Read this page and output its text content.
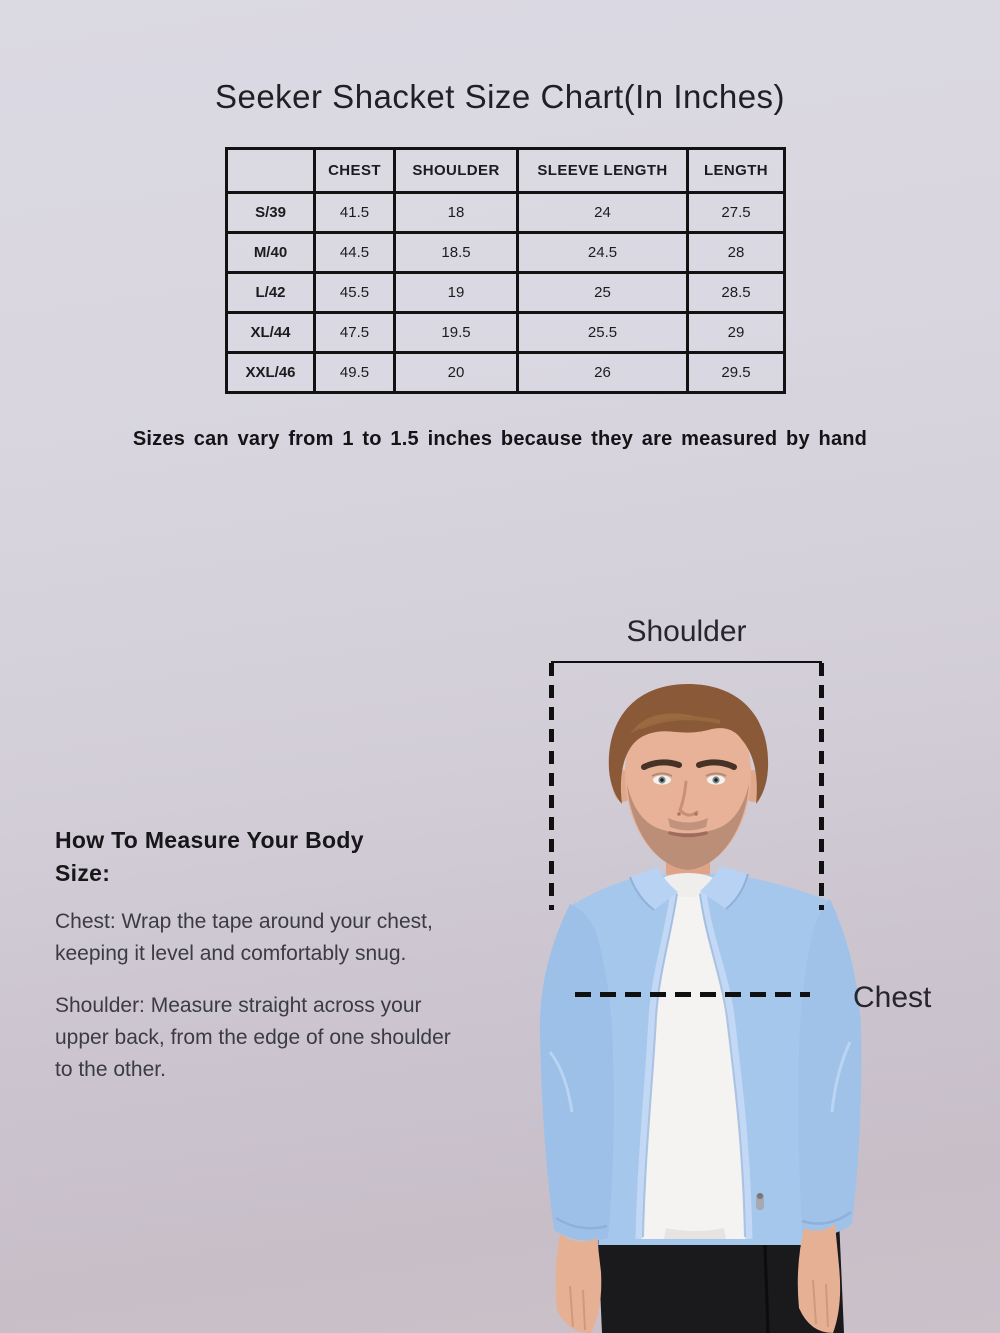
Seeker Shacket Size Chart(In Inches)
	CHEST	SHOULDER	SLEEVE LENGTH	LENGTH
S/39	41.5	18	24	27.5
M/40	44.5	18.5	24.5	28
L/42	45.5	19	25	28.5
XL/44	47.5	19.5	25.5	29
XXL/46	49.5	20	26	29.5
Sizes can vary from 1 to 1.5 inches because they are measured by hand
Shoulder
Chest
How To Measure Your Body Size:

Chest: Wrap the tape around your chest, keeping it level and comfortably snug.

Shoulder: Measure straight across your upper back, from the edge of one shoulder to the other.
